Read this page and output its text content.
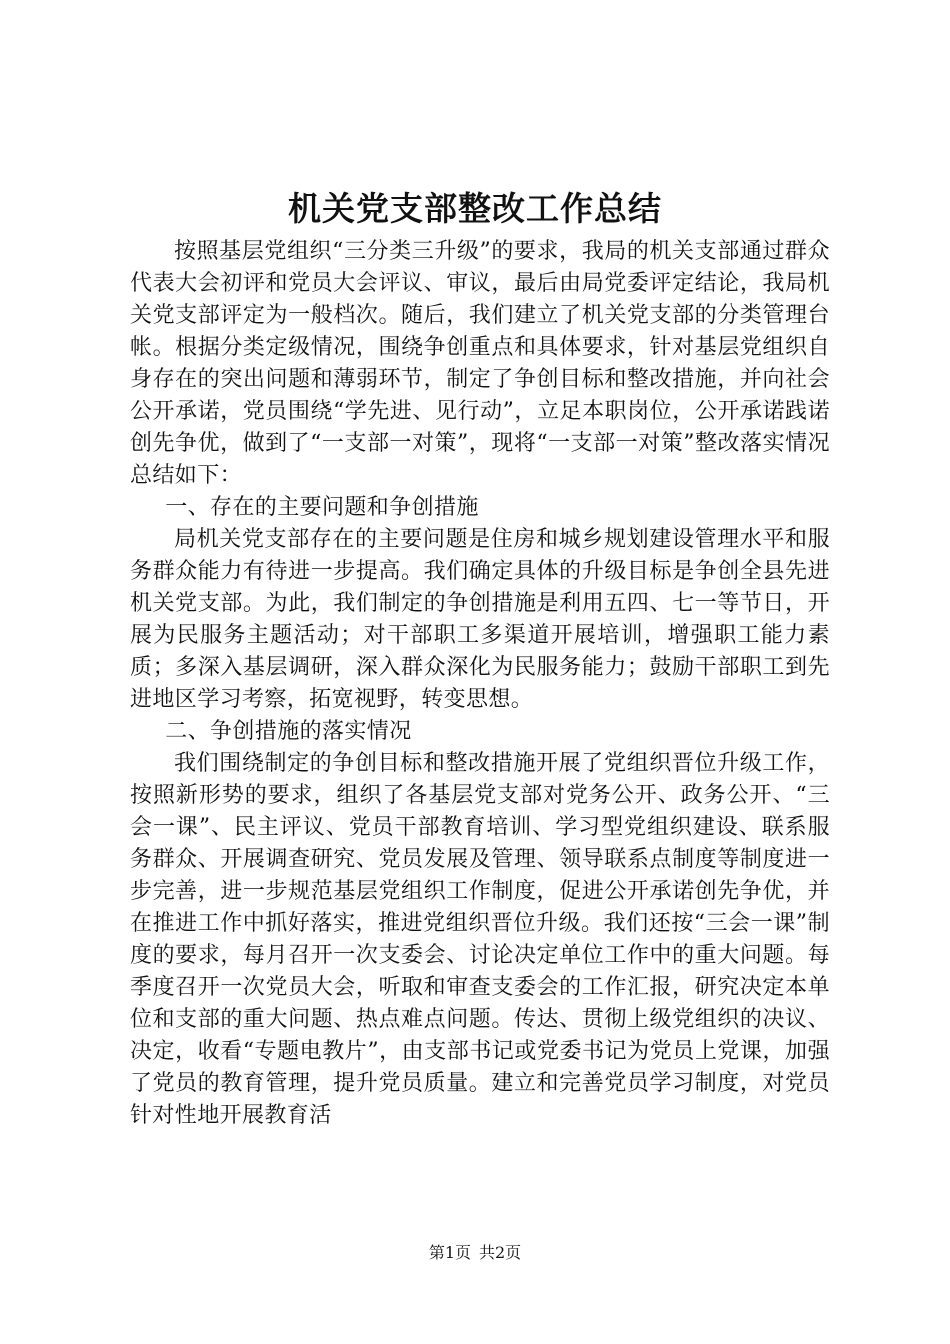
机关党支部整改工作总结

按照基层党组织“三分类三升级”的要求，我局的机关支部通过群众代表大会初评和党员大会评议、审议，最后由局党委评定结论，我局机关党支部评定为一般档次。随后，我们建立了机关党支部的分类管理台帐。根据分类定级情况，围绕争创重点和具体要求，针对基层党组织自身存在的突出问题和薄弱环节，制定了争创目标和整改措施，并向社会公开承诺，党员围绕“学先进、见行动”，立足本职岗位，公开承诺践诺创先争优，做到了“一支部一对策”，现将“一支部一对策”整改落实情况总结如下：

一、存在的主要问题和争创措施

局机关党支部存在的主要问题是住房和城乡规划建设管理水平和服务群众能力有待进一步提高。我们确定具体的升级目标是争创全县先进机关党支部。为此，我们制定的争创措施是利用五四、七一等节日，开展为民服务主题活动；对干部职工多渠道开展培训，增强职工能力素质；多深入基层调研，深入群众深化为民服务能力；鼓励干部职工到先进地区学习考察，拓宽视野，转变思想。

二、争创措施的落实情况

我们围绕制定的争创目标和整改措施开展了党组织晋位升级工作，按照新形势的要求，组织了各基层党支部对党务公开、政务公开、“三会一课”、民主评议、党员干部教育培训、学习型党组织建设、联系服务群众、开展调查研究、党员发展及管理、领导联系点制度等制度进一步完善，进一步规范基层党组织工作制度，促进公开承诺创先争优，并在推进工作中抓好落实，推进党组织晋位升级。我们还按“三会一课”制度的要求，每月召开一次支委会、讨论决定单位工作中的重大问题。每季度召开一次党员大会，听取和审查支委会的工作汇报，研究决定本单位和支部的重大问题、热点难点问题。传达、贯彻上级党组织的决议、决定，收看“专题电教片”，由支部书记或党委书记为党员上党课，加强了党员的教育管理，提升党员质量。建立和完善党员学习制度，对党员针对性地开展教育活

第1页 共2页
